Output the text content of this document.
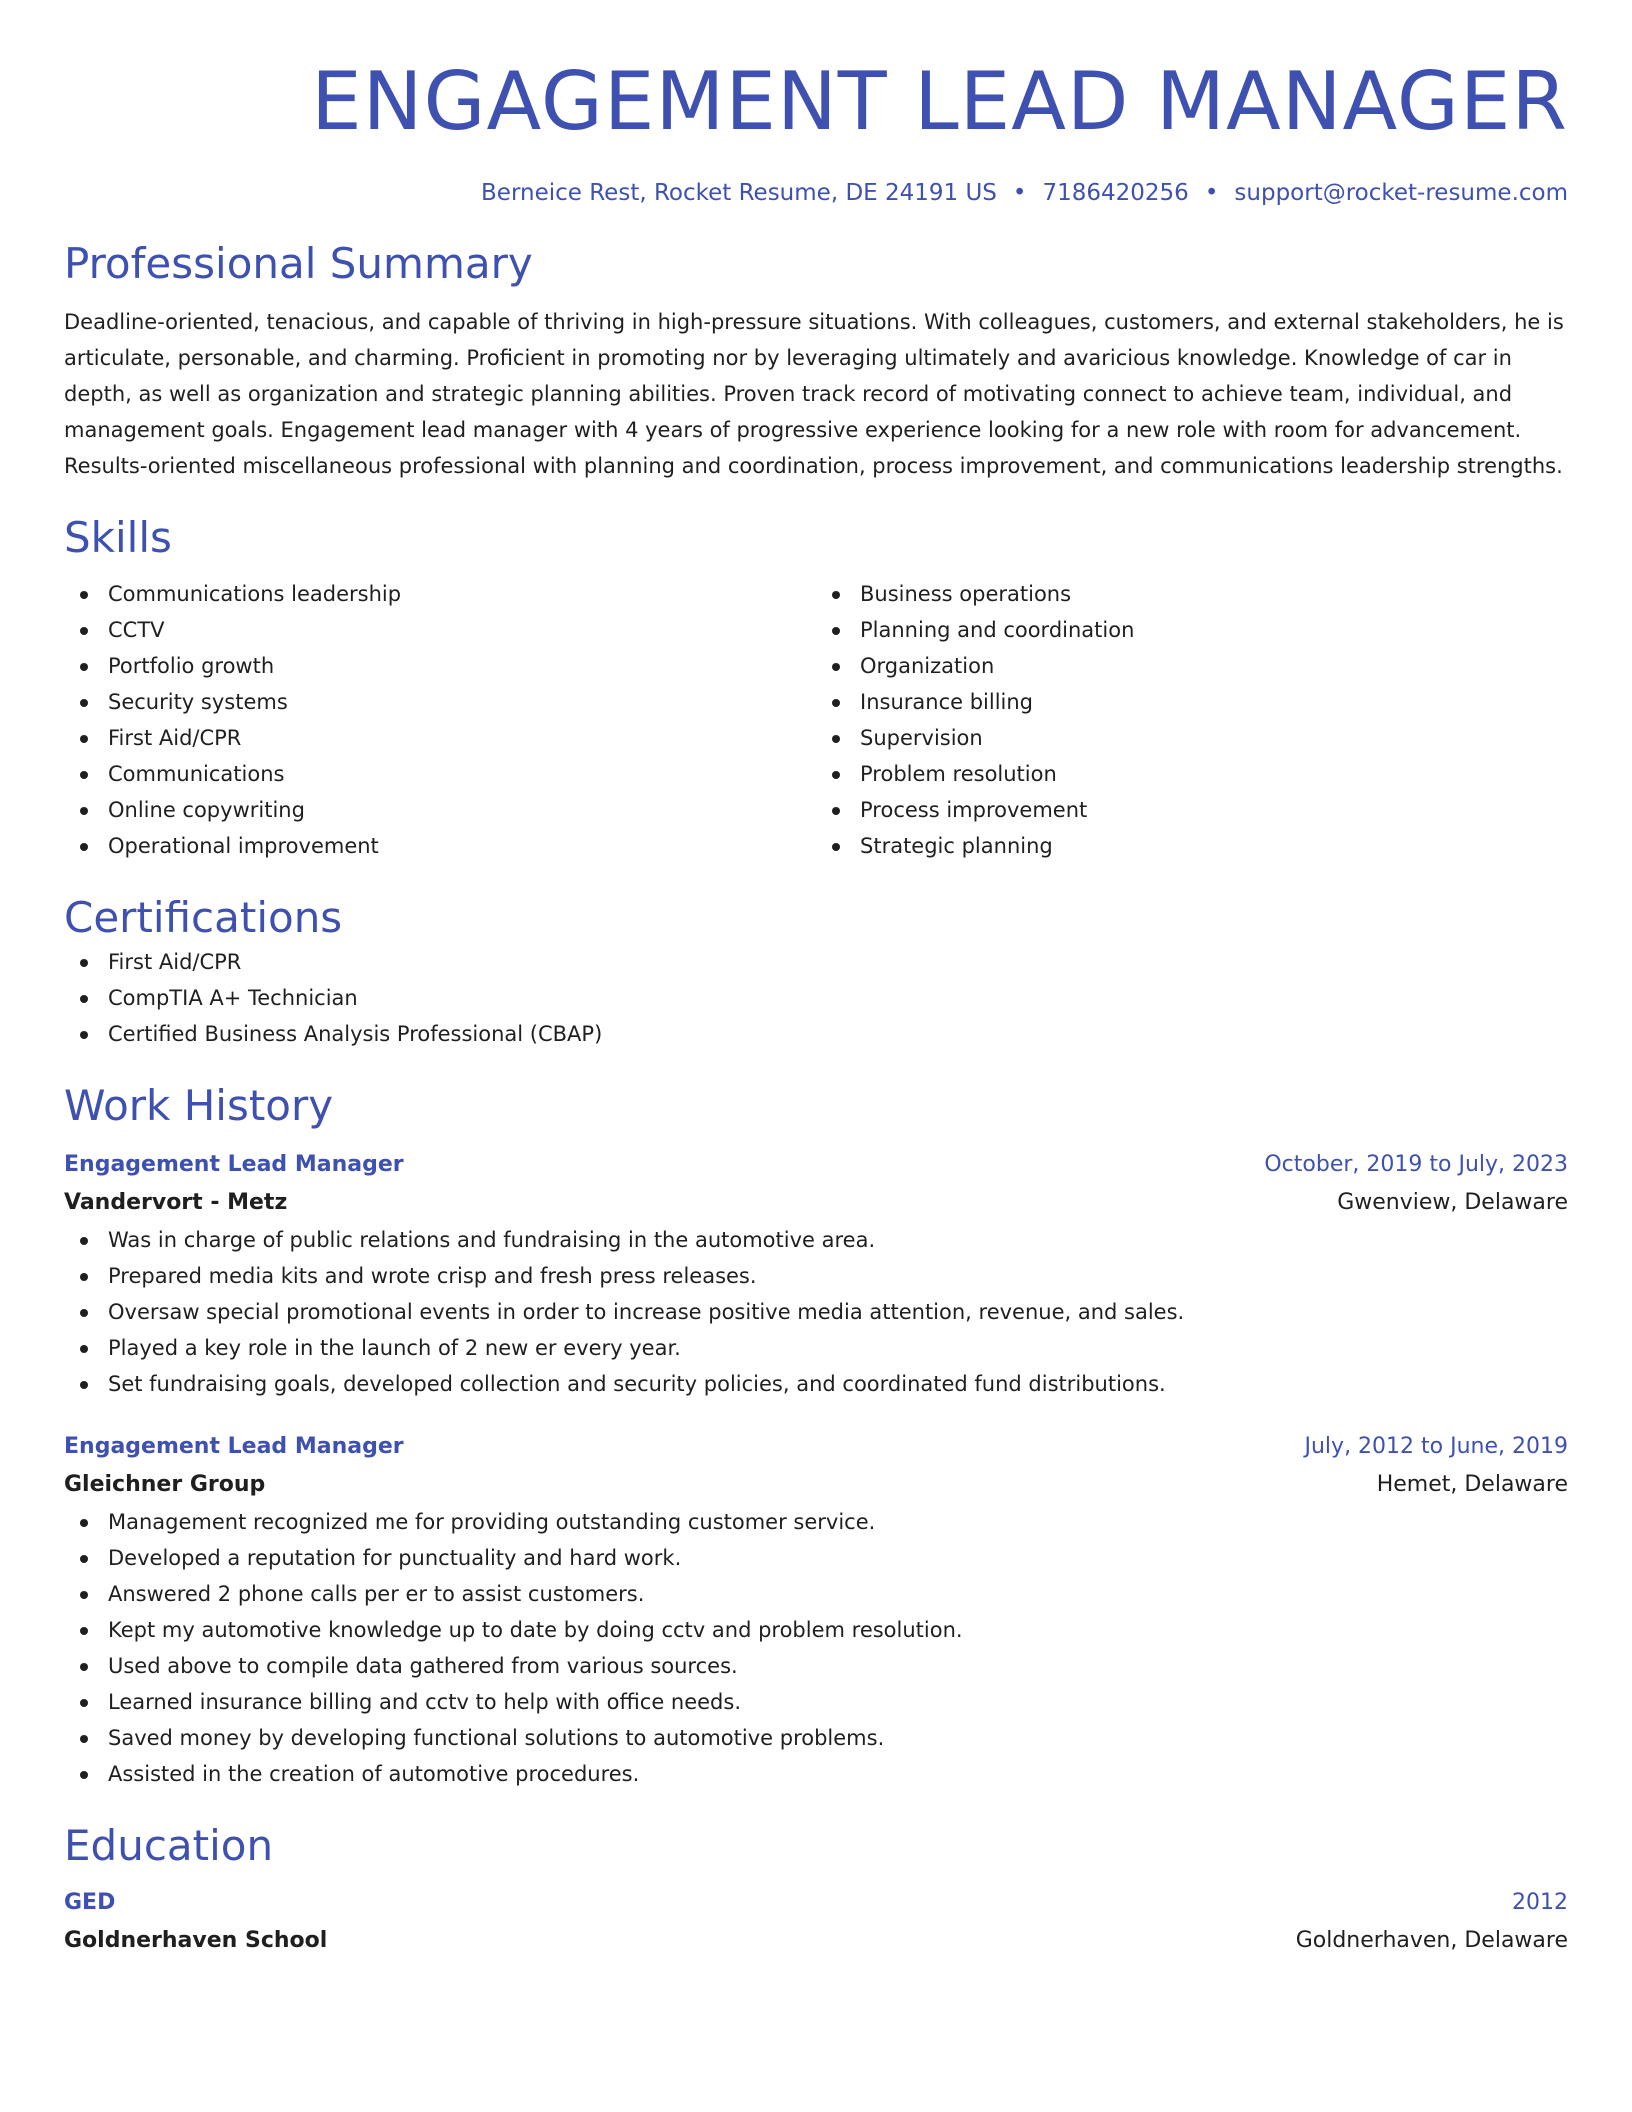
ENGAGEMENT LEAD MANAGER
Berneice Rest, Rocket Resume, DE 24191 US • 7186420256 • support@rocket-resume.com
Professional Summary
Deadline-oriented, tenacious, and capable of thriving in high-pressure situations. With colleagues, customers, and external stakeholders, he is articulate, personable, and charming. Proficient in promoting nor by leveraging ultimately and avaricious knowledge. Knowledge of car in depth, as well as organization and strategic planning abilities. Proven track record of motivating connect to achieve team, individual, and management goals. Engagement lead manager with 4 years of progressive experience looking for a new role with room for advancement. Results-oriented miscellaneous professional with planning and coordination, process improvement, and communications leadership strengths.
Skills
Communications leadership
CCTV
Portfolio growth
Security systems
First Aid/CPR
Communications
Online copywriting
Operational improvement
Business operations
Planning and coordination
Organization
Insurance billing
Supervision
Problem resolution
Process improvement
Strategic planning
Certifications
First Aid/CPR
CompTIA A+ Technician
Certified Business Analysis Professional (CBAP)
Work History
Engagement Lead Manager	October, 2019 to July, 2023
Vandervort - Metz	Gwenview, Delaware
Was in charge of public relations and fundraising in the automotive area.
Prepared media kits and wrote crisp and fresh press releases.
Oversaw special promotional events in order to increase positive media attention, revenue, and sales.
Played a key role in the launch of 2 new er every year.
Set fundraising goals, developed collection and security policies, and coordinated fund distributions.
Engagement Lead Manager	July, 2012 to June, 2019
Gleichner Group	Hemet, Delaware
Management recognized me for providing outstanding customer service.
Developed a reputation for punctuality and hard work.
Answered 2 phone calls per er to assist customers.
Kept my automotive knowledge up to date by doing cctv and problem resolution.
Used above to compile data gathered from various sources.
Learned insurance billing and cctv to help with office needs.
Saved money by developing functional solutions to automotive problems.
Assisted in the creation of automotive procedures.
Education
GED	2012
Goldnerhaven School	Goldnerhaven, Delaware
